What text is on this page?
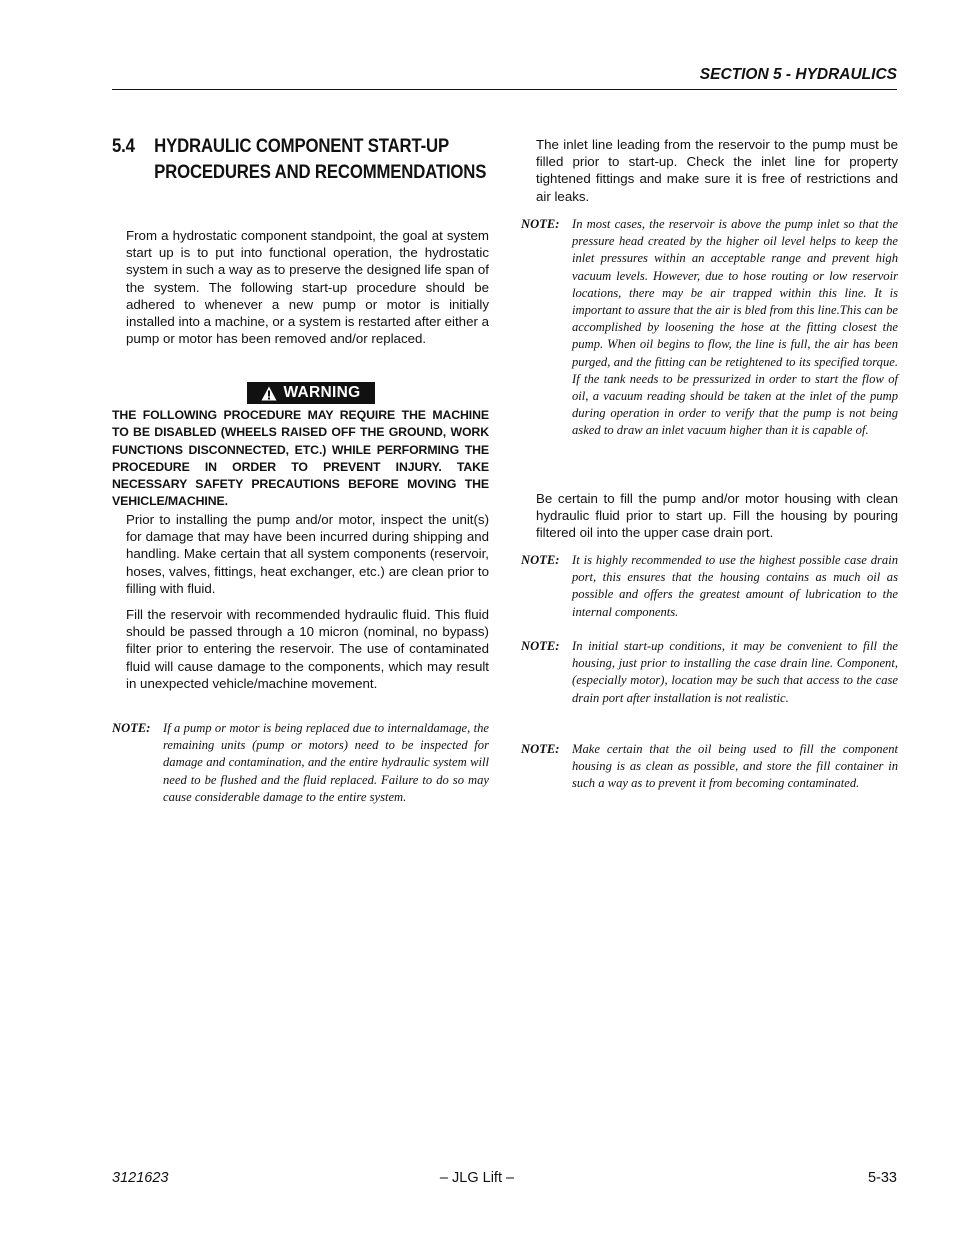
SECTION 5 - HYDRAULICS
5.4 HYDRAULIC COMPONENT START-UP
PROCEDURES AND RECOMMENDATIONS

From a hydrostatic component standpoint, the goal at system start up is to put into functional operation, the hydrostatic system in such a way as to preserve the designed life span of the system. The following start-up procedure should be adhered to whenever a new pump or motor is initially installed into a machine, or a system is restarted after either a pump or motor has been removed and/or replaced.

WARNING

THE FOLLOWING PROCEDURE MAY REQUIRE THE MACHINE TO BE DISABLED (WHEELS RAISED OFF THE GROUND, WORK FUNCTIONS DISCONNECTED, ETC.) WHILE PERFORMING THE PROCEDURE IN ORDER TO PREVENT INJURY. TAKE NECESSARY SAFETY PRECAUTIONS BEFORE MOVING THE VEHICLE/MACHINE.

Prior to installing the pump and/or motor, inspect the unit(s) for damage that may have been incurred during shipping and handling. Make certain that all system components (reservoir, hoses, valves, fittings, heat exchanger, etc.) are clean prior to filling with fluid.

Fill the reservoir with recommended hydraulic fluid. This fluid should be passed through a 10 micron (nominal, no bypass) filter prior to entering the reservoir. The use of contaminated fluid will cause damage to the components, which may result in unexpected vehicle/machine movement.

NOTE: If a pump or motor is being replaced due to internaldamage, the remaining units (pump or motors) need to be inspected for damage and contamination, and the entire hydraulic system will need to be flushed and the fluid replaced. Failure to do so may cause considerable damage to the entire system.

The inlet line leading from the reservoir to the pump must be filled prior to start-up. Check the inlet line for property tightened fittings and make sure it is free of restrictions and air leaks.

NOTE: In most cases, the reservoir is above the pump inlet so that the pressure head created by the higher oil level helps to keep the inlet pressures within an acceptable range and prevent high vacuum levels. However, due to hose routing or low reservoir locations, there may be air trapped within this line. It is important to assure that the air is bled from this line.This can be accomplished by loosening the hose at the fitting closest the pump. When oil begins to flow, the line is full, the air has been purged, and the fitting can be retightened to its specified torque. If the tank needs to be pressurized in order to start the flow of oil, a vacuum reading should be taken at the inlet of the pump during operation in order to verify that the pump is not being asked to draw an inlet vacuum higher than it is capable of.

Be certain to fill the pump and/or motor housing with clean hydraulic fluid prior to start up. Fill the housing by pouring filtered oil into the upper case drain port.

NOTE: It is highly recommended to use the highest possible case drain port, this ensures that the housing contains as much oil as possible and offers the greatest amount of lubrication to the internal components.
NOTE: In initial start-up conditions, it may be convenient to fill the housing, just prior to installing the case drain line. Component, (especially motor), location may be such that access to the case drain port after installation is not realistic.
NOTE: Make certain that the oil being used to fill the component housing is as clean as possible, and store the fill container in such a way as to prevent it from becoming contaminated.
3121623	– JLG Lift –	5-33
